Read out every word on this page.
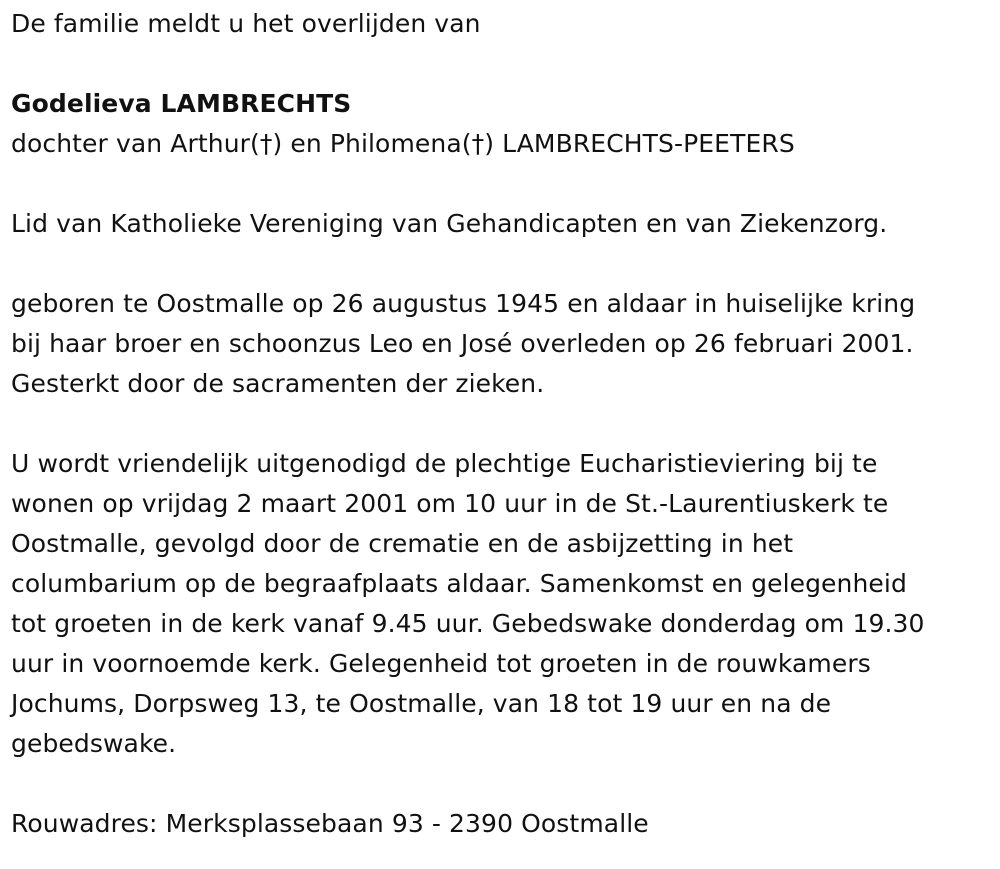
De familie meldt u het overlijden van
Godelieva LAMBRECHTS
dochter van Arthur(†) en Philomena(†) LAMBRECHTS-PEETERS
Lid van Katholieke Vereniging van Gehandicapten en van Ziekenzorg.
geboren te Oostmalle op 26 augustus 1945 en aldaar in huiselijke kring
bij haar broer en schoonzus Leo en José overleden op 26 februari 2001.
Gesterkt door de sacramenten der zieken.
U wordt vriendelijk uitgenodigd de plechtige Eucharistieviering bij te
wonen op vrijdag 2 maart 2001 om 10 uur in de St.-Laurentiuskerk te
Oostmalle, gevolgd door de crematie en de asbijzetting in het
columbarium op de begraafplaats aldaar. Samenkomst en gelegenheid
tot groeten in de kerk vanaf 9.45 uur. Gebedswake donderdag om 19.30
uur in voornoemde kerk. Gelegenheid tot groeten in de rouwkamers
Jochums, Dorpsweg 13, te Oostmalle, van 18 tot 19 uur en na de
gebedswake.
Rouwadres: Merksplassebaan 93 - 2390 Oostmalle
